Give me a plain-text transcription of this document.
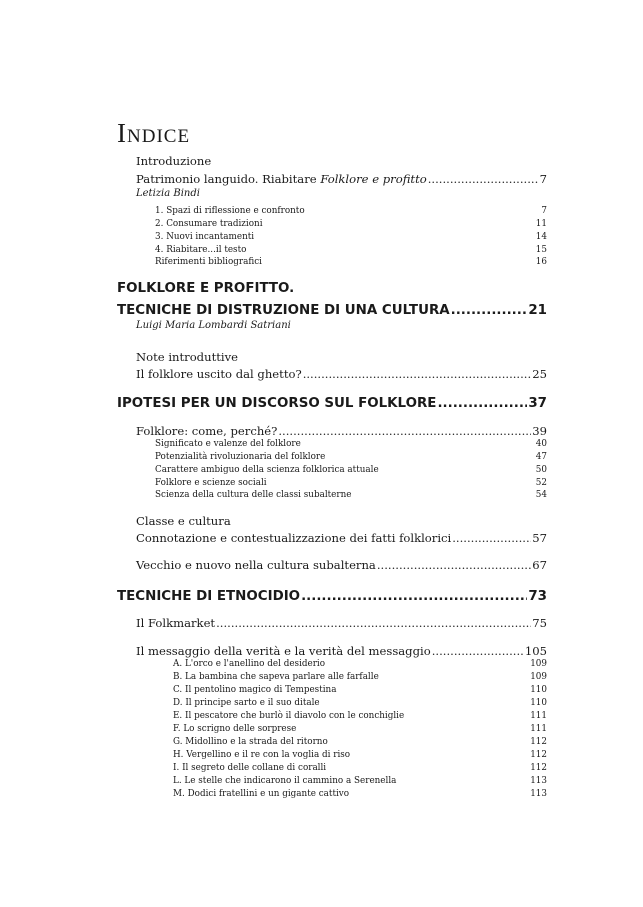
INDICE
Introduzione
Patrimonio languido. Riabitare Folklore e profitto .....	7
Letizia Bindi
1. Spazi di riflessione e confronto	7
2. Consumare tradizioni	11
3. Nuovi incantamenti	14
4. Riabitare...il testo	15
Riferimenti bibliografici	16
FOLKLORE E PROFITTO.
TECNICHE DI DISTRUZIONE DI UNA CULTURA .....	21
Luigi Maria Lombardi Satriani
Note introduttive
Il folklore uscito dal ghetto? .....	25
IPOTESI PER UN DISCORSO SUL FOLKLORE .....	37
Folklore: come, perché? .....	39
Significato e valenze del folklore	40
Potenzialità rivoluzionaria del folklore	47
Carattere ambiguo della scienza folklorica attuale	50
Folklore e scienze sociali	52
Scienza della cultura delle classi subalterne	54
Classe e cultura
Connotazione e contestualizzazione dei fatti folklorici .....	57
Vecchio e nuovo nella cultura subalterna .....	67
TECNICHE DI ETNOCIDIO .....	73
Il Folkmarket .....	75
Il messaggio della verità e la verità del messaggio .....	105
A. L'orco e l'anellino del desiderio	109
B. La bambina che sapeva parlare alle farfalle	109
C. Il pentolino magico di Tempestina	110
D. Il principe sarto e il suo ditale	110
E. Il pescatore che burlò il diavolo con le conchiglie	111
F. Lo scrigno delle sorprese	111
G. Midollino e la strada del ritorno	112
H. Vergellino e il re con la voglia di riso	112
I. Il segreto delle collane di coralli	112
L. Le stelle che indicarono il cammino a Serenella	113
M. Dodici fratellini e un gigante cattivo	113
